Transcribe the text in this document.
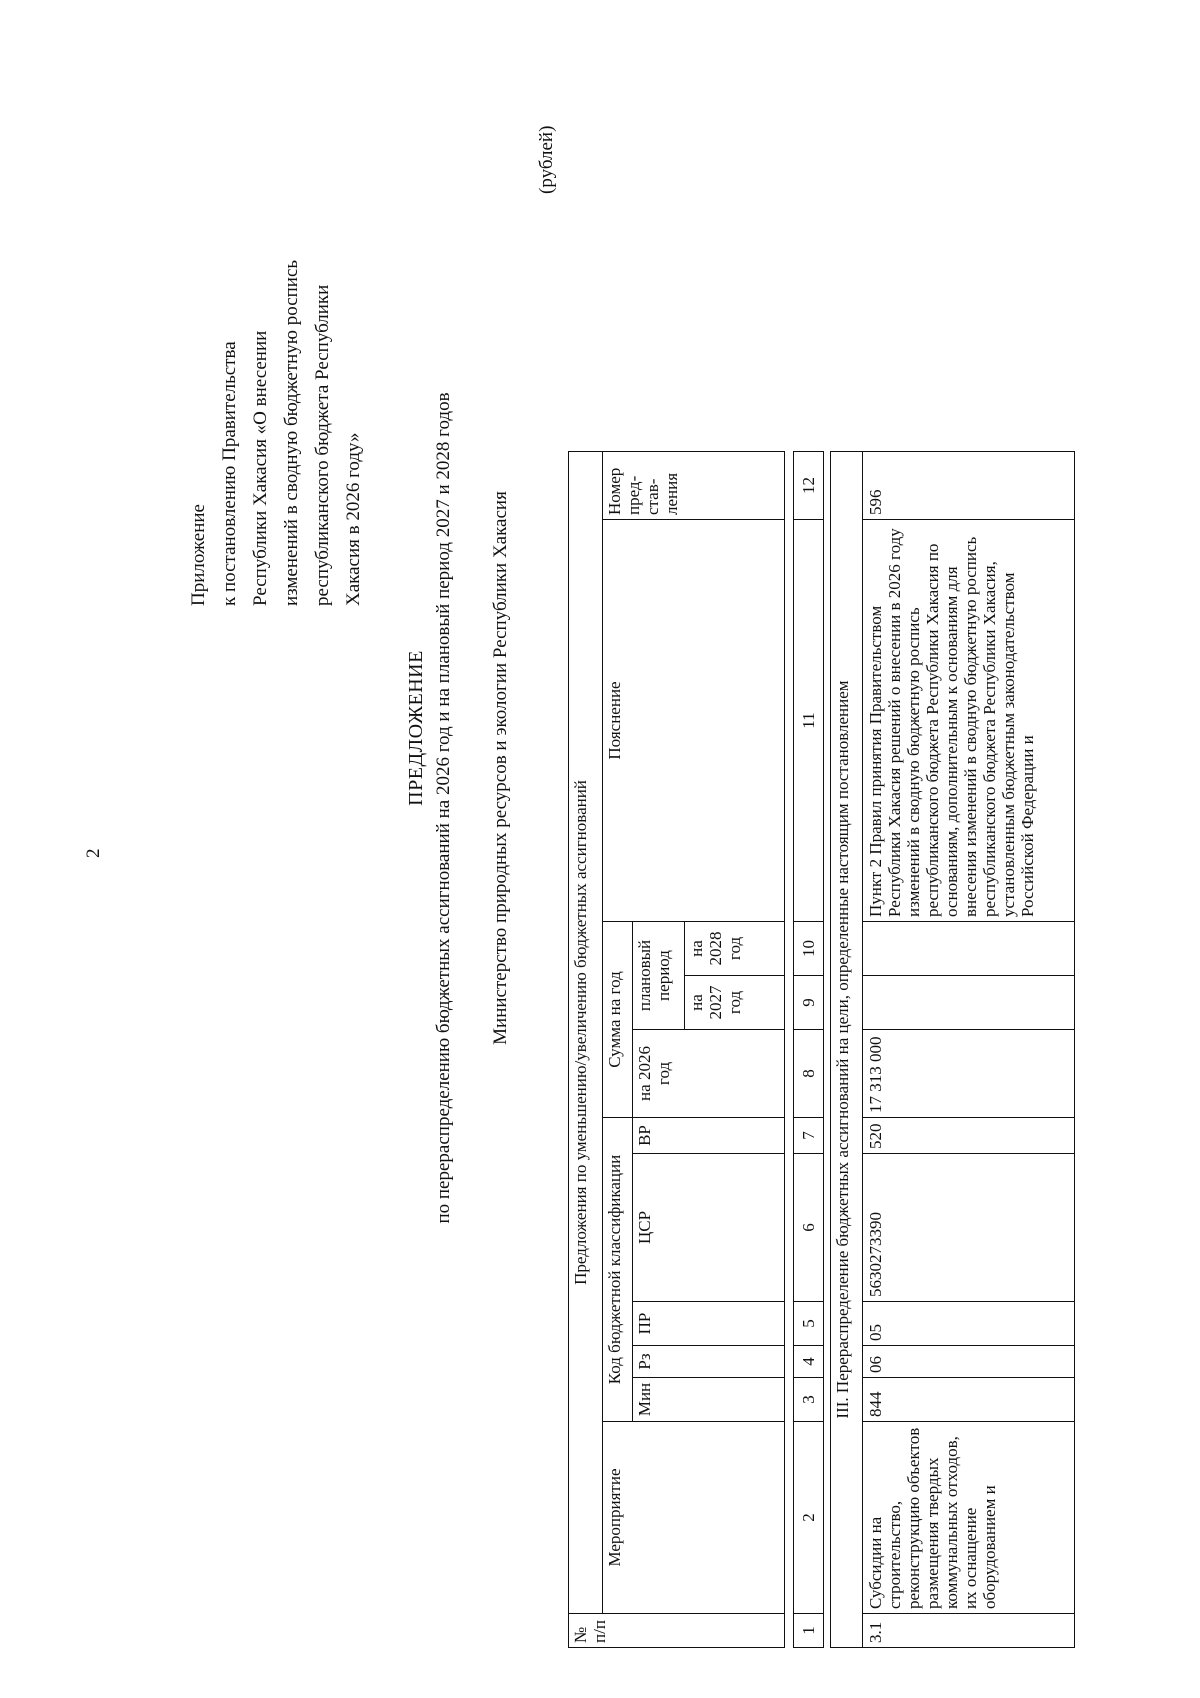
2
Приложение к постановлению Правительства Республики Хакасия «О внесении изменений в сводную бюджетную роспись республиканского бюджета Республики Хакасия в 2026 году»
ПРЕДЛОЖЕНИЕ по перераспределению бюджетных ассигнований на 2026 год и на плановый период 2027 и 2028 годов Министерство природных ресурсов и экологии Республики Хакасия
(рублей)
№ п/п	Предложения по уменьшению/увеличению бюджетных ассигнований										
	Мероприятие	Код бюджетной классификации					Сумма на год			Пояснение	Номер пред-став-ления
		Мин	Рз	ПР	ЦСР	ВР	на 2026 год	плановый период			
								на 2027 год	на 2028 год		
1	2	3	4	5	6	7	8	9	10	11	12
III. Перераспределение бюджетных ассигнований на цели, определенные настоящим постановлением
3.1	Субсидии на строительство, реконструкцию объектов размещения твердых коммунальных отходов, их оснащение оборудованием и	844	06	05	5630273390	520	17 313 000			Пункт 2 Правил принятия Правительством Республики Хакасия решений о внесении в 2026 году изменений в сводную бюджетную роспись республиканского бюджета Республики Хакасия по основаниям, дополнительным к основаниям для внесения изменений в сводную бюджетную роспись республиканского бюджета Республики Хакасия, установленным бюджетным законодательством Российской Федерации и	596
